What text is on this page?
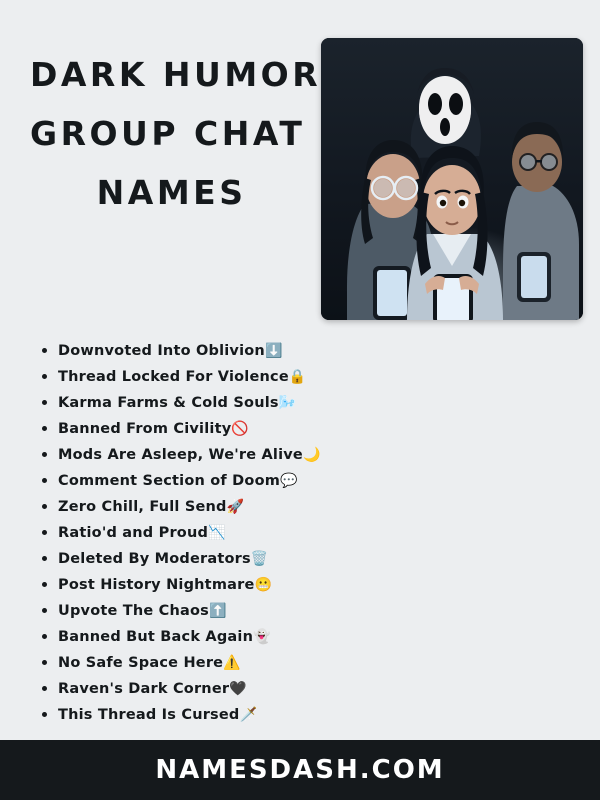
DARK HUMOR
GROUP CHAT
NAMES
Downvoted Into Oblivion⬇️
Thread Locked For Violence🔒
Karma Farms & Cold Souls🌬️
Banned From Civility🚫
Mods Are Asleep, We're Alive🌙
Comment Section of Doom💬
Zero Chill, Full Send🚀
Ratio'd and Proud📉
Deleted By Moderators🗑️
Post History Nightmare😬
Upvote The Chaos⬆️
Banned But Back Again👻
No Safe Space Here⚠️
Raven's Dark Corner🖤
This Thread Is Cursed🗡️
NAMESDASH.COM
